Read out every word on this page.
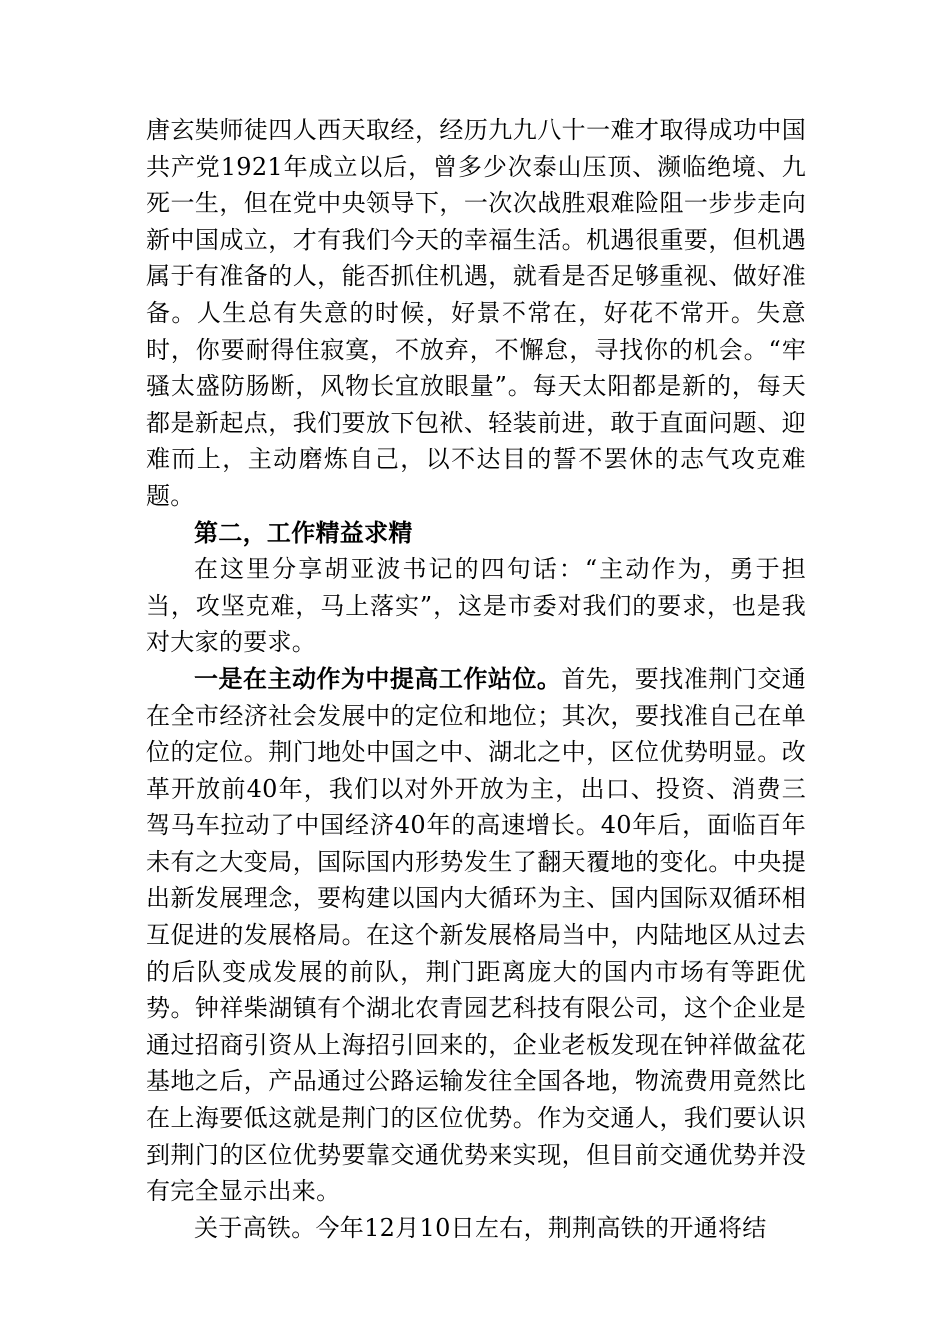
唐玄奘师徒四人西天取经，经历九九八十一难才取得成功中国共产党1921年成立以后，曾多少次泰山压顶、濒临绝境、九死一生，但在党中央领导下，一次次战胜艰难险阻一步步走向新中国成立，才有我们今天的幸福生活。机遇很重要，但机遇属于有准备的人，能否抓住机遇，就看是否足够重视、做好准备。人生总有失意的时候，好景不常在，好花不常开。失意时，你要耐得住寂寞，不放弃，不懈怠，寻找你的机会。“牢骚太盛防肠断，风物长宜放眼量”。每天太阳都是新的，每天都是新起点，我们要放下包袱、轻装前进，敢于直面问题、迎难而上，主动磨炼自己，以不达目的誓不罢休的志气攻克难题。

第二，工作精益求精

在这里分享胡亚波书记的四句话：“主动作为，勇于担当，攻坚克难，马上落实”，这是市委对我们的要求，也是我对大家的要求。

一是在主动作为中提高工作站位。首先，要找准荆门交通在全市经济社会发展中的定位和地位；其次，要找准自己在单位的定位。荆门地处中国之中、湖北之中，区位优势明显。改革开放前40年，我们以对外开放为主，出口、投资、消费三驾马车拉动了中国经济40年的高速增长。40年后，面临百年未有之大变局，国际国内形势发生了翻天覆地的变化。中央提出新发展理念，要构建以国内大循环为主、国内国际双循环相互促进的发展格局。在这个新发展格局当中，内陆地区从过去的后队变成发展的前队，荆门距离庞大的国内市场有等距优势。钟祥柴湖镇有个湖北农青园艺科技有限公司，这个企业是通过招商引资从上海招引回来的，企业老板发现在钟祥做盆花基地之后，产品通过公路运输发往全国各地，物流费用竟然比在上海要低这就是荆门的区位优势。作为交通人，我们要认识到荆门的区位优势要靠交通优势来实现，但目前交通优势并没有完全显示出来。

关于高铁。今年12月10日左右，荆荆高铁的开通将结
